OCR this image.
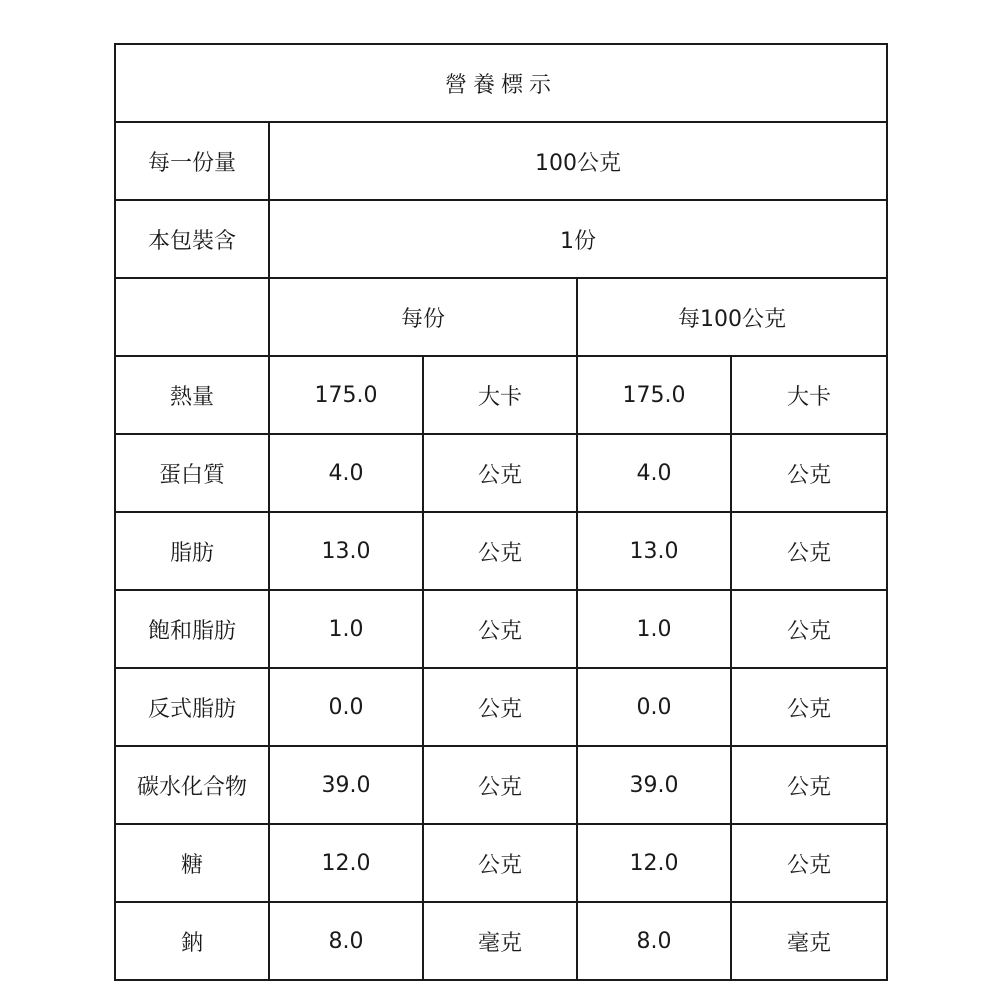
營養標示				
每一份量	100公克			
本包裝含	1份			
	每份		每100公克	
熱量	175.0	大卡	175.0	大卡
蛋白質	4.0	公克	4.0	公克
脂肪	13.0	公克	13.0	公克
飽和脂肪	1.0	公克	1.0	公克
反式脂肪	0.0	公克	0.0	公克
碳水化合物	39.0	公克	39.0	公克
糖	12.0	公克	12.0	公克
鈉	8.0	毫克	8.0	毫克
